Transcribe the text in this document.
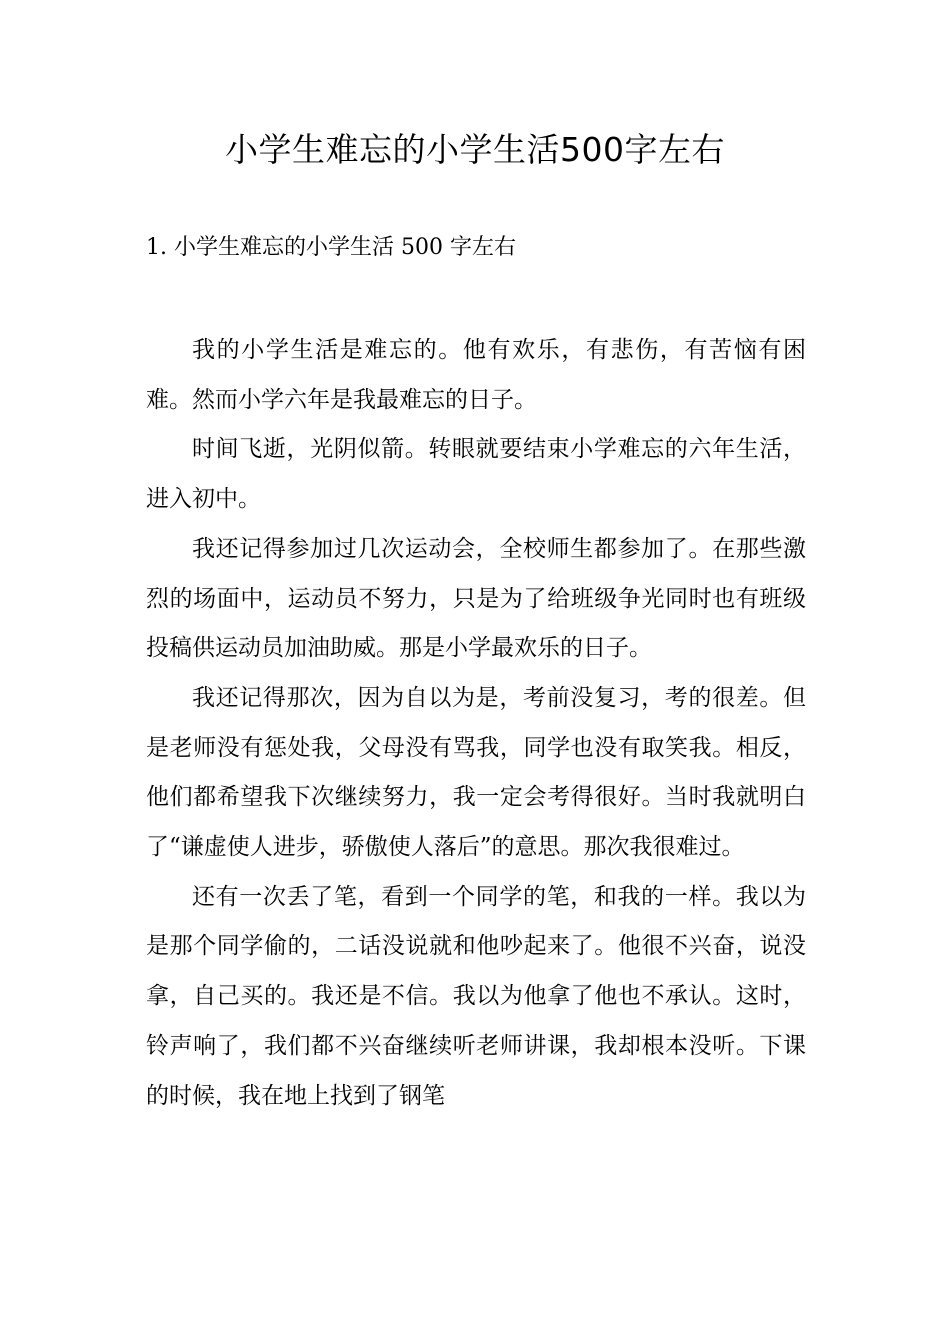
小学生难忘的小学生活500字左右
1. 小学生难忘的小学生活 500 字左右

我的小学生活是难忘的。他有欢乐，有悲伤，有苦恼有困难。然而小学六年是我最难忘的日子。

时间飞逝，光阴似箭。转眼就要结束小学难忘的六年生活，进入初中。

我还记得参加过几次运动会，全校师生都参加了。在那些激烈的场面中，运动员不努力，只是为了给班级争光同时也有班级投稿供运动员加油助威。那是小学最欢乐的日子。

我还记得那次，因为自以为是，考前没复习，考的很差。但是老师没有惩处我，父母没有骂我，同学也没有取笑我。相反，他们都希望我下次继续努力，我一定会考得很好。当时我就明白了“谦虚使人进步，骄傲使人落后”的意思。那次我很难过。

还有一次丢了笔，看到一个同学的笔，和我的一样。我以为是那个同学偷的，二话没说就和他吵起来了。他很不兴奋，说没拿，自己买的。我还是不信。我以为他拿了他也不承认。这时，铃声响了，我们都不兴奋继续听老师讲课，我却根本没听。下课的时候，我在地上找到了钢笔
